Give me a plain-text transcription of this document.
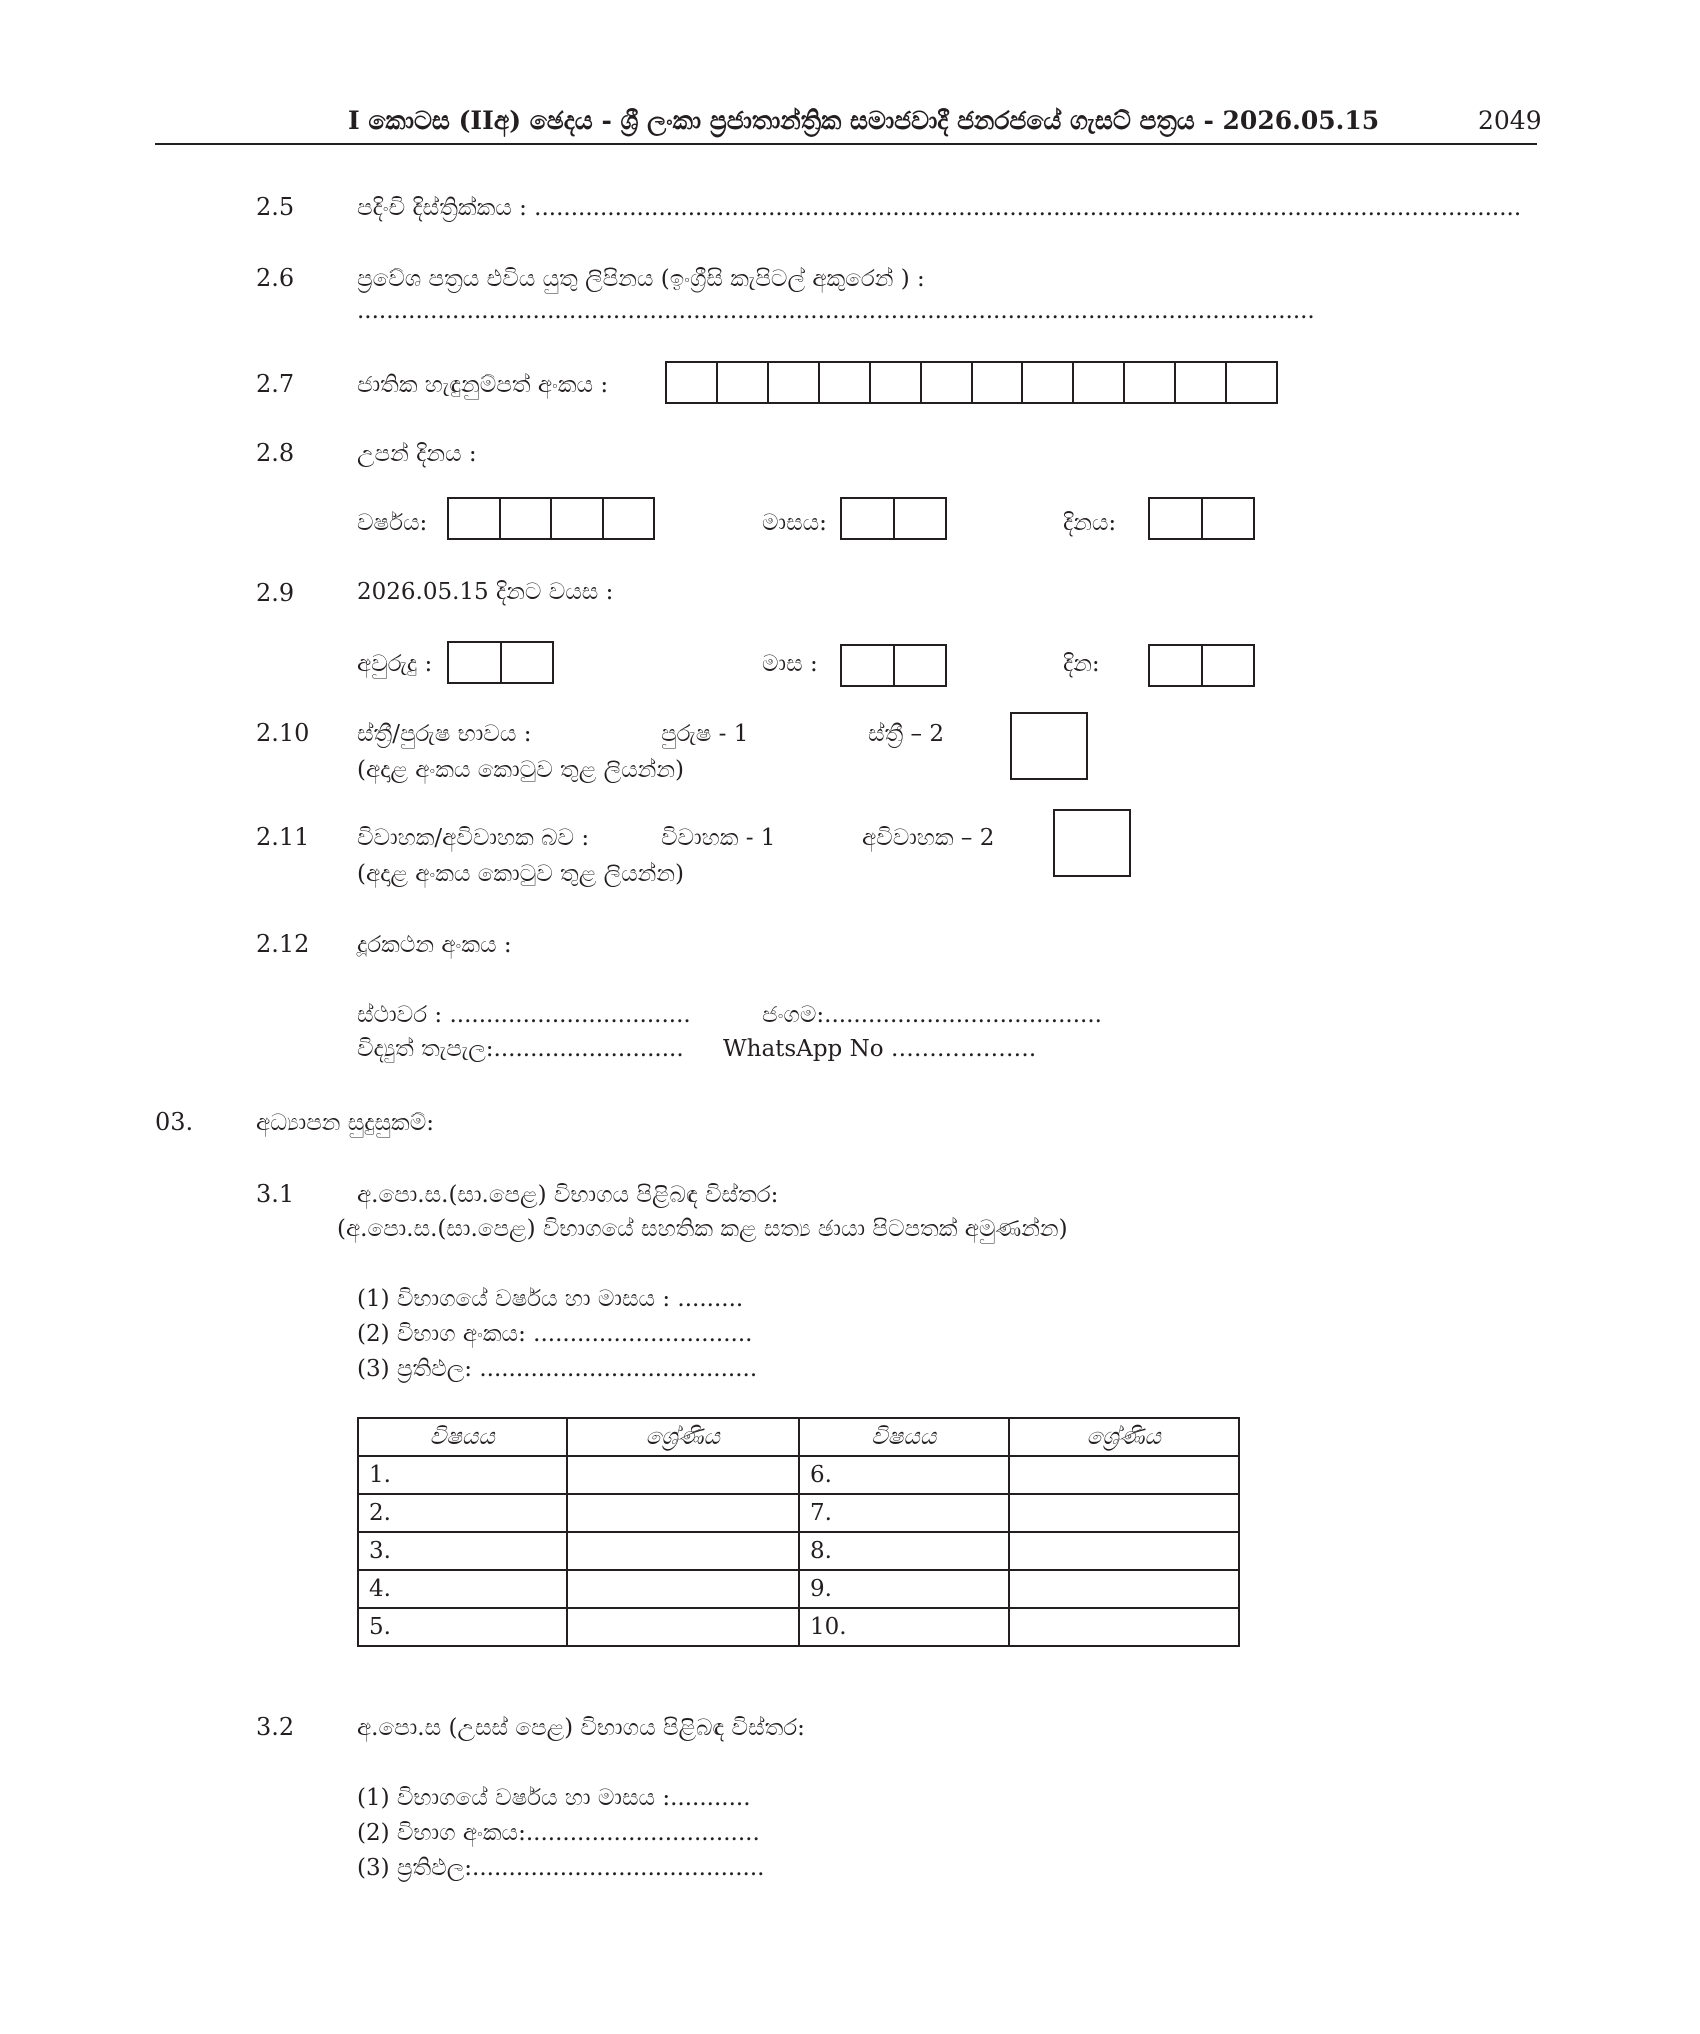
I කොටස (IIඅ) ඡෙදය - ශ්‍රී ලංකා ප්‍රජාතාන්ත්‍රික සමාජවාදී ජනරජයේ ගැසට් පත්‍රය - 2026.05.15	2049
2.5	පදිංචි දිස්ත්‍රික්කය : .......................................................................................................................................
2.6	ප්‍රවේශ පත්‍රය එවිය යුතු ලිපිනය (ඉංග්‍රීසි කැපිටල් අකුරෙන් ) :
...................................................................................................................................
2.7	ජාතික හැඳුනුම්පත් අංකය :
2.8	උපන් දිනය :
වර්ෂය:	මාසය:	දිනය:
2.9	2026.05.15 දිනට වයස :
අවුරුදු :	මාස :	දින:
2.10 ස්ත්‍රී/පුරුෂ භාවය :	පුරුෂ - 1	ස්ත්‍රී – 2
(අදාළ අංකය කොටුව තුළ ලියන්න)
2.11 විවාහක/අවිවාහක බව :	විවාහක - 1	අවිවාහක – 2
(අදාළ අංකය කොටුව තුළ ලියන්න)
2.12 දූරකථන අංකය :
ස්ථාවර : .................................	ජංගම:......................................
විද්‍යුත් තැපැල:.......................... WhatsApp No ……………….
03.	අධ්‍යාපන සුදුසුකම්:
3.1	අ.පො.ස.(සා.පෙළ) විභාගය පිළිබඳ විස්තර:
(අ.පො.ස.(සා.පෙළ) විභාගයේ සහතික කළ සත්‍ය ඡායා පිටපතක් අමුණන්න)
(1) විභාගයේ වර්ෂය හා මාසය : .........
(2) විභාග අංකය: ..............................
(3) ප්‍රතිඵල: ......................................
විෂයය	ශ්‍රේණිය	විෂයය	ශ්‍රේණිය
1.		6.	
2.		7.	
3.		8.	
4.		9.	
5.		10.	
3.2	අ.පො.ස (උසස් පෙළ) විභාගය පිළිබඳ විස්තර:
(1) විභාගයේ වර්ෂය හා මාසය :...........
(2) විභාග අංකය:................................
(3) ප්‍රතිඵල:........................................
